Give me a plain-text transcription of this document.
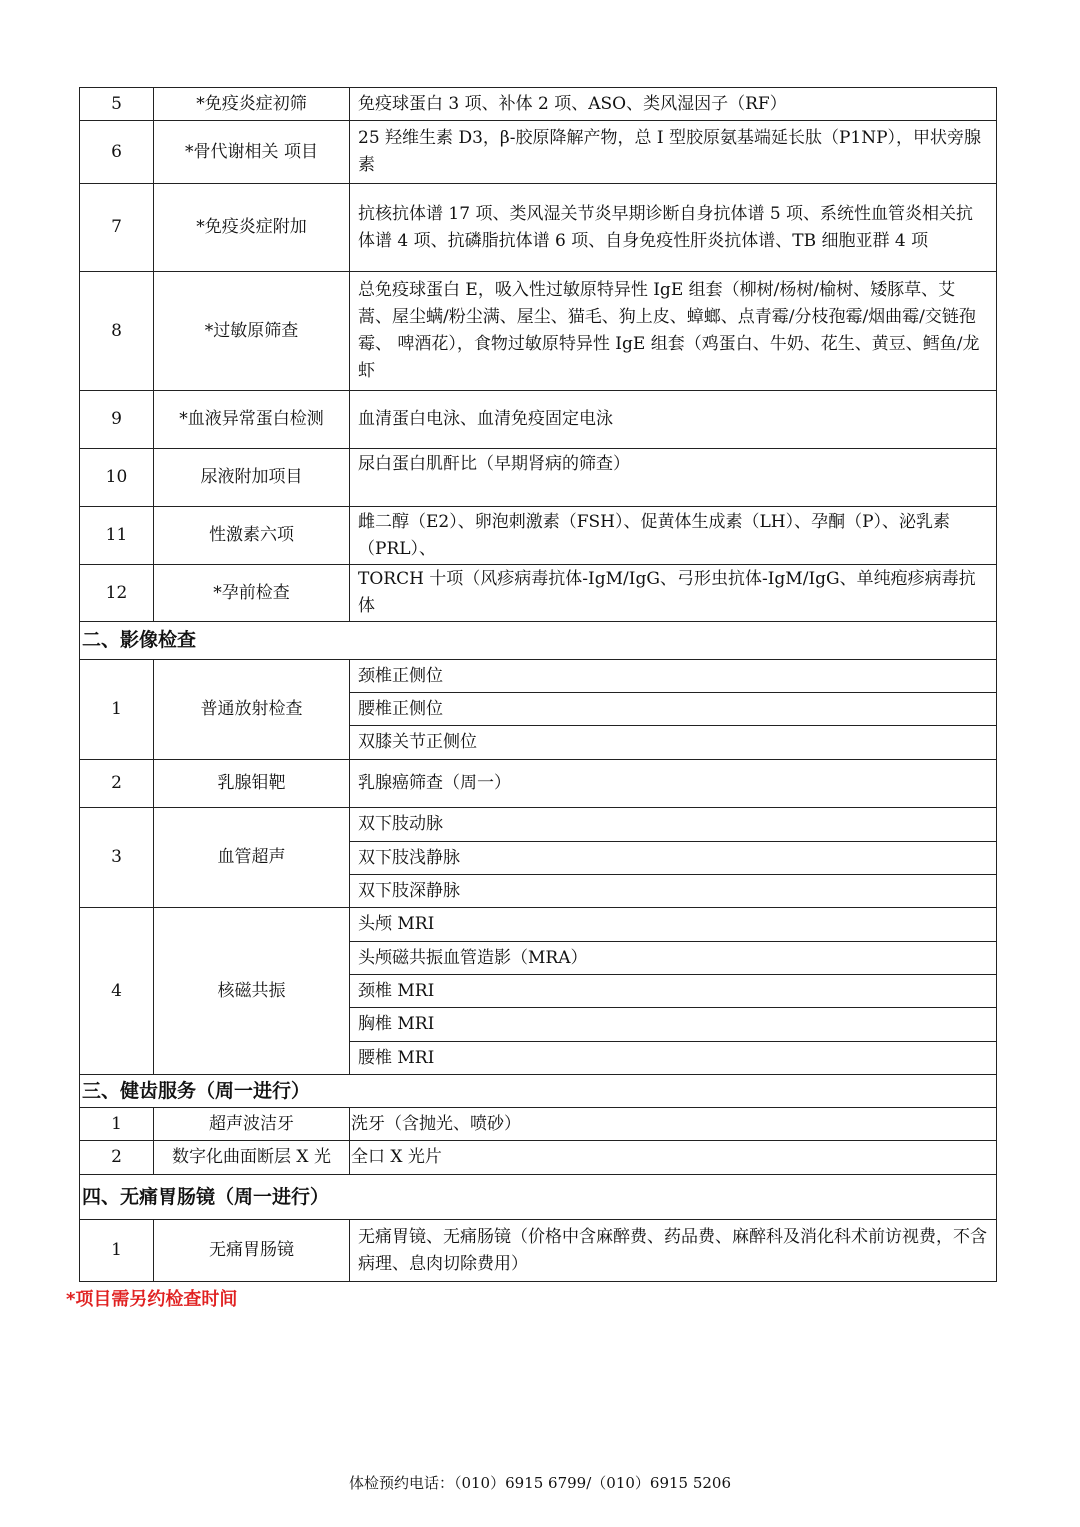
5	*免疫炎症初筛	免疫球蛋白 3 项、补体 2 项、ASO、类风湿因子（RF）
6	*骨代谢相关 项目	25 羟维生素 D3，β-胶原降解产物，总 I 型胶原氨基端延长肽（P1NP），甲状旁腺素
7	*免疫炎症附加	抗核抗体谱 17 项、类风湿关节炎早期诊断自身抗体谱 5 项、系统性血管炎相关抗体谱 4 项、抗磷脂抗体谱 6 项、自身免疫性肝炎抗体谱、TB 细胞亚群 4 项
8	*过敏原筛查	总免疫球蛋白 E，吸入性过敏原特异性 IgE 组套（柳树/杨树/榆树、矮豚草、艾蒿、屋尘螨/粉尘满、屋尘、猫毛、狗上皮、蟑螂、点青霉/分枝孢霉/烟曲霉/交链孢霉、 啤酒花），食物过敏原特异性 IgE 组套（鸡蛋白、牛奶、花生、黄豆、鳕鱼/龙虾
9	*血液异常蛋白检测	血清蛋白电泳、血清免疫固定电泳
10	尿液附加项目	尿白蛋白肌酐比（早期肾病的筛查）
11	性激素六项	雌二醇（E2）、卵泡刺激素（FSH）、促黄体生成素（LH）、孕酮（P）、泌乳素（PRL）、
12	*孕前检查	TORCH 十项（风疹病毒抗体-IgM/IgG、弓形虫抗体-IgM/IgG、单纯疱疹病毒抗体
二、影像检查		
1	普通放射检查	颈椎正侧位
		腰椎正侧位
		双膝关节正侧位
2	乳腺钼靶	乳腺癌筛查（周一）
3	血管超声	双下肢动脉
		双下肢浅静脉
		双下肢深静脉
4	核磁共振	头颅 MRI
		头颅磁共振血管造影（MRA）
		颈椎 MRI
		胸椎 MRI
		腰椎 MRI
三、健齿服务（周一进行）		
1	超声波洁牙	洗牙（含抛光、喷砂）
2	数字化曲面断层 X 光	全口 X 光片
四、无痛胃肠镜（周一进行）		
1	无痛胃肠镜	无痛胃镜、无痛肠镜（价格中含麻醉费、药品费、麻醉科及消化科术前访视费，不含病理、息肉切除费用）
*项目需另约检查时间
体检预约电话：（010）6915 6799/（010）6915 5206
